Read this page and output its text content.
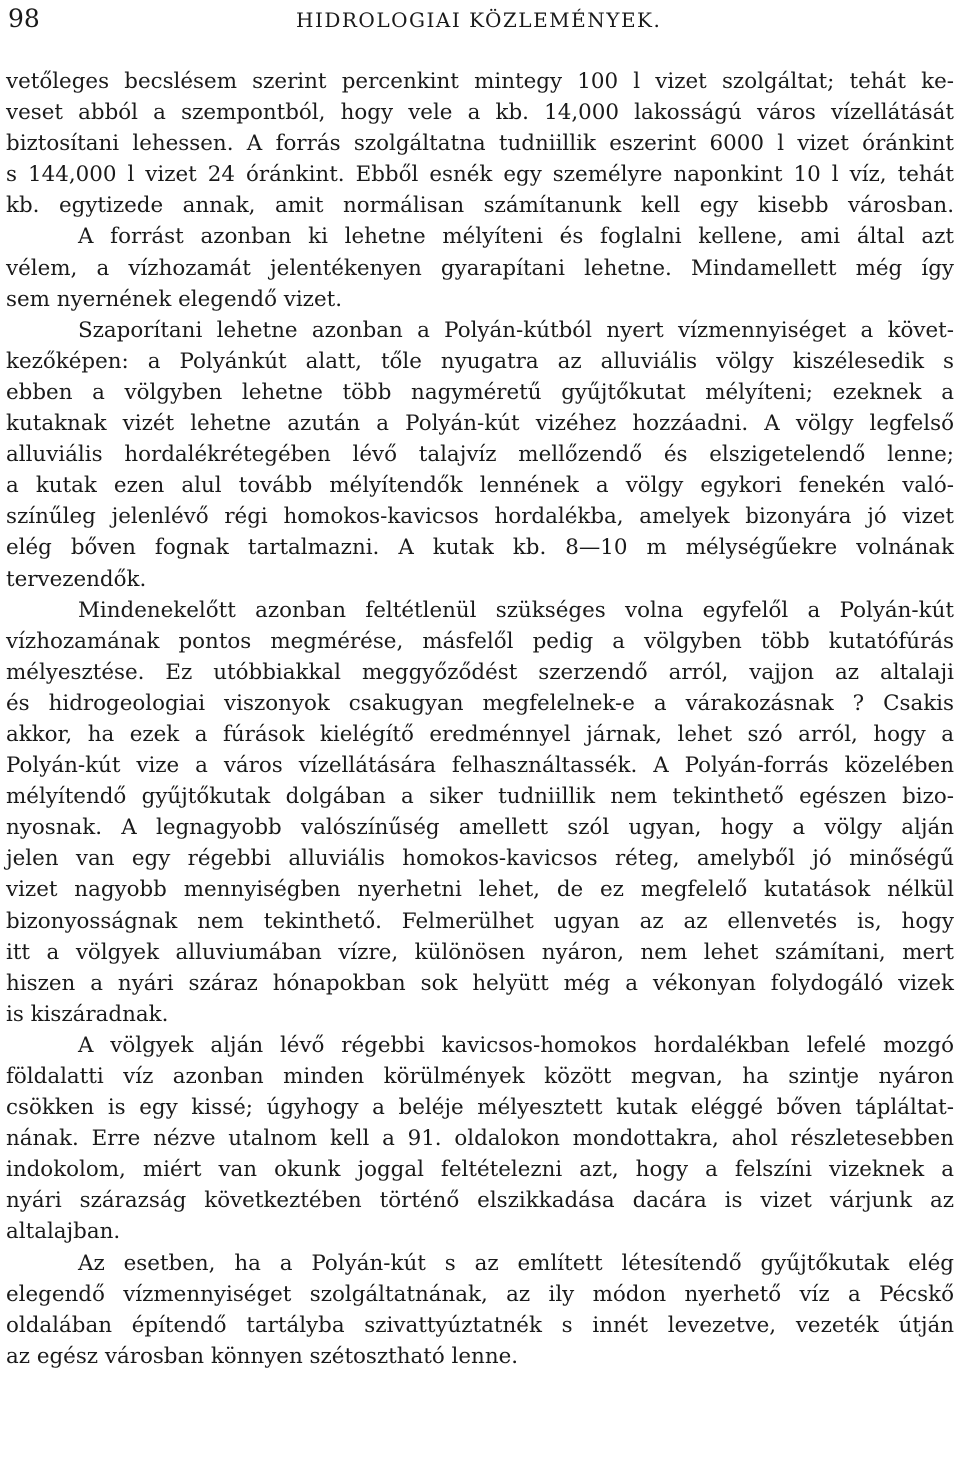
98	HIDROLOGIAI KÖZLEMÉNYEK.
vetőleges becslésem szerint percenkint mintegy 100 l vizet szolgáltat; tehát ke-
veset abból a szempontból, hogy vele a kb. 14,000 lakosságú város vízellátását
biztosítani lehessen. A forrás szolgáltatna tudniillik eszerint 6000 l vizet óránkint
s 144,000 l vizet 24 óránkint. Ebből esnék egy személyre naponkint 10 l víz, tehát
kb. egytizede annak, amit normálisan számítanunk kell egy kisebb városban.
A forrást azonban ki lehetne mélyíteni és foglalni kellene, ami által azt
vélem, a vízhozamát jelentékenyen gyarapítani lehetne. Mindamellett még így
sem nyernének elegendő vizet.
Szaporítani lehetne azonban a Polyán-kútból nyert vízmennyiséget a követ-
kezőképen: a Polyánkút alatt, tőle nyugatra az alluviális völgy kiszélesedik s
ebben a völgyben lehetne több nagyméretű gyűjtőkutat mélyíteni; ezeknek a
kutaknak vizét lehetne azután a Polyán-kút vizéhez hozzáadni. A völgy legfelső
alluviális hordalékrétegében lévő talajvíz mellőzendő és elszigetelendő lenne;
a kutak ezen alul tovább mélyítendők lennének a völgy egykori fenekén való-
színűleg jelenlévő régi homokos-kavicsos hordalékba, amelyek bizonyára jó vizet
elég bőven fognak tartalmazni. A kutak kb. 8—10 m mélységűekre volnának
tervezendők.
Mindenekelőtt azonban feltétlenül szükséges volna egyfelől a Polyán-kút
vízhozamának pontos megmérése, másfelől pedig a völgyben több kutatófúrás
mélyesztése. Ez utóbbiakkal meggyőződést szerzendő arról, vajjon az altalaji
és hidrogeologiai viszonyok csakugyan megfelelnek-e a várakozásnak ? Csakis
akkor, ha ezek a fúrások kielégítő eredménnyel járnak, lehet szó arról, hogy a
Polyán-kút vize a város vízellátására felhasználtassék. A Polyán-forrás közelében
mélyítendő gyűjtőkutak dolgában a siker tudniillik nem tekinthető egészen bizo-
nyosnak. A legnagyobb valószínűség amellett szól ugyan, hogy a völgy alján
jelen van egy régebbi alluviális homokos-kavicsos réteg, amelyből jó minőségű
vizet nagyobb mennyiségben nyerhetni lehet, de ez megfelelő kutatások nélkül
bizonyosságnak nem tekinthető. Felmerülhet ugyan az az ellenvetés is, hogy
itt a völgyek alluviumában vízre, különösen nyáron, nem lehet számítani, mert
hiszen a nyári száraz hónapokban sok helyütt még a vékonyan folydogáló vizek
is kiszáradnak.
A völgyek alján lévő régebbi kavicsos-homokos hordalékban lefelé mozgó
földalatti víz azonban minden körülmények között megvan, ha szintje nyáron
csökken is egy kissé; úgyhogy a beléje mélyesztett kutak eléggé bőven tápláltat-
nának. Erre nézve utalnom kell a 91. oldalokon mondottakra, ahol részletesebben
indokolom, miért van okunk joggal feltételezni azt, hogy a felszíni vizeknek a
nyári szárazság következtében történő elszikkadása dacára is vizet várjunk az
altalajban.
Az esetben, ha a Polyán-kút s az említett létesítendő gyűjtőkutak elég
elegendő vízmennyiséget szolgáltatnának, az ily módon nyerhető víz a Pécskő
oldalában építendő tartályba szivattyúztatnék s innét levezetve, vezeték útján
az egész városban könnyen szétosztható lenne.
